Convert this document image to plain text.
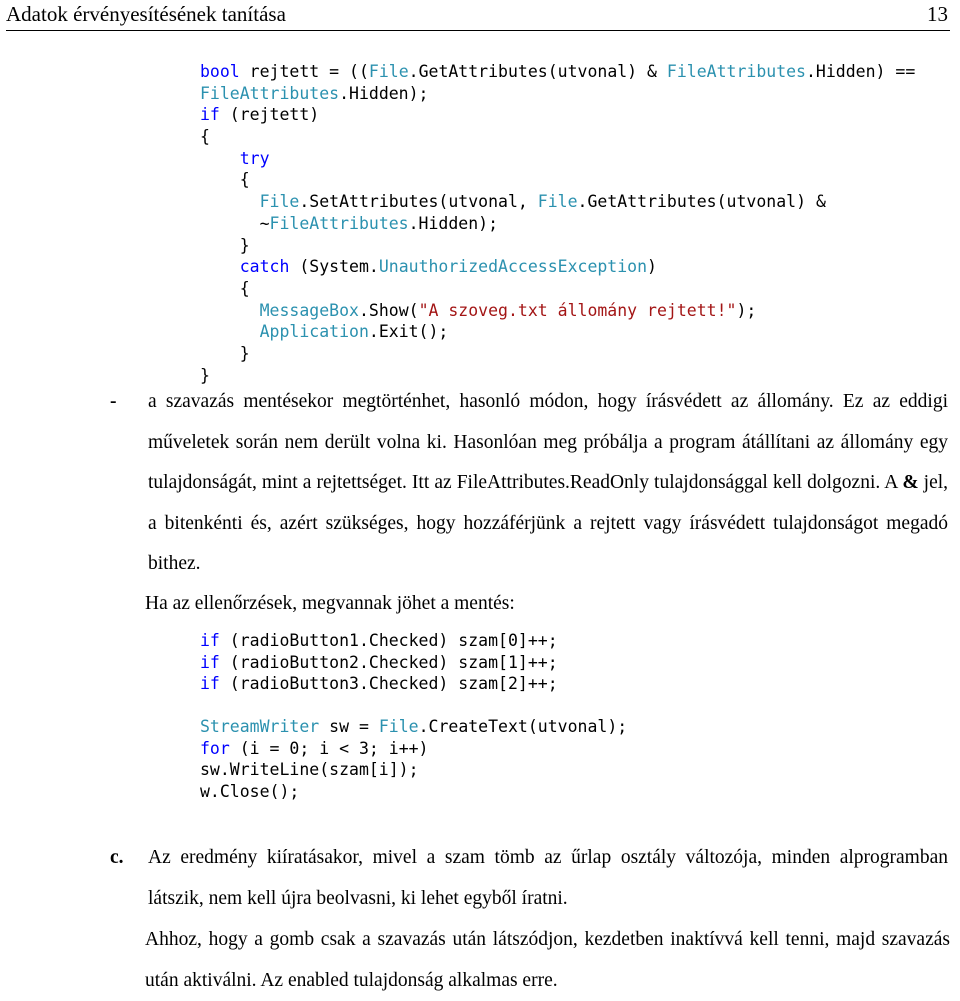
Adatok érvényesítésének tanítása	13
bool rejtett = ((File.GetAttributes(utvonal) & FileAttributes.Hidden) ==
FileAttributes.Hidden);
if (rejtett)
{
try
{
File.SetAttributes(utvonal, File.GetAttributes(utvonal) &
~FileAttributes.Hidden);
}
catch (System.UnauthorizedAccessException)
{
MessageBox.Show("A szoveg.txt állomány rejtett!");
Application.Exit();
}
}
- a szavazás mentésekor megtörténhet, hasonló módon, hogy írásvédett az állomány. Ez az eddigi műveletek során nem derült volna ki. Hasonlóan meg próbálja a program átállítani az állomány egy tulajdonságát, mint a rejtettséget. Itt az FileAttributes.ReadOnly tulajdonsággal kell dolgozni. A & jel, a bitenkénti és, azért szükséges, hogy hozzáférjünk a rejtett vagy írásvédett tulajdonságot megadó bithez.
Ha az ellenőrzések, megvannak jöhet a mentés:
if (radioButton1.Checked) szam[0]++;
if (radioButton2.Checked) szam[1]++;
if (radioButton3.Checked) szam[2]++;
StreamWriter sw = File.CreateText(utvonal);
for (i = 0; i < 3; i++)
sw.WriteLine(szam[i]);
w.Close();
c. Az eredmény kiíratásakor, mivel a szam tömb az űrlap osztály változója, minden alprogramban látszik, nem kell újra beolvasni, ki lehet egyből íratni.
Ahhoz, hogy a gomb csak a szavazás után látszódjon, kezdetben inaktívvá kell tenni, majd szavazás után aktiválni. Az enabled tulajdonság alkalmas erre.
